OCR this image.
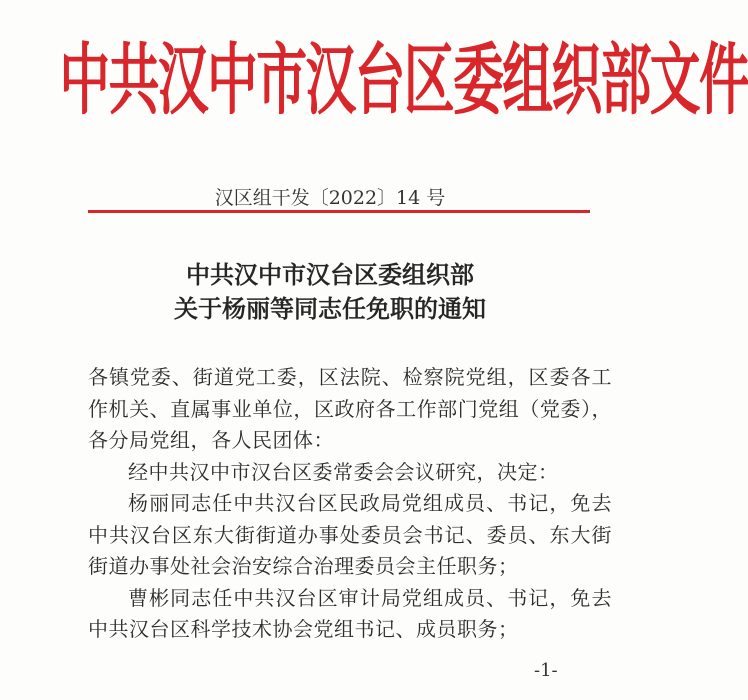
中共汉中市汉台区委组织部文件
汉区组干发〔2022〕14 号
中共汉中市汉台区委组织部
关于杨丽等同志任免职的通知

各镇党委、街道党工委，区法院、检察院党组，区委各工作机关、直属事业单位，区政府各工作部门党组（党委），各分局党组，各人民团体：

经中共汉中市汉台区委常委会会议研究，决定：

杨丽同志任中共汉台区民政局党组成员、书记，免去中共汉台区东大街街道办事处委员会书记、委员、东大街街道办事处社会治安综合治理委员会主任职务；

曹彬同志任中共汉台区审计局党组成员、书记，免去中共汉台区科学技术协会党组书记、成员职务；

-1-
